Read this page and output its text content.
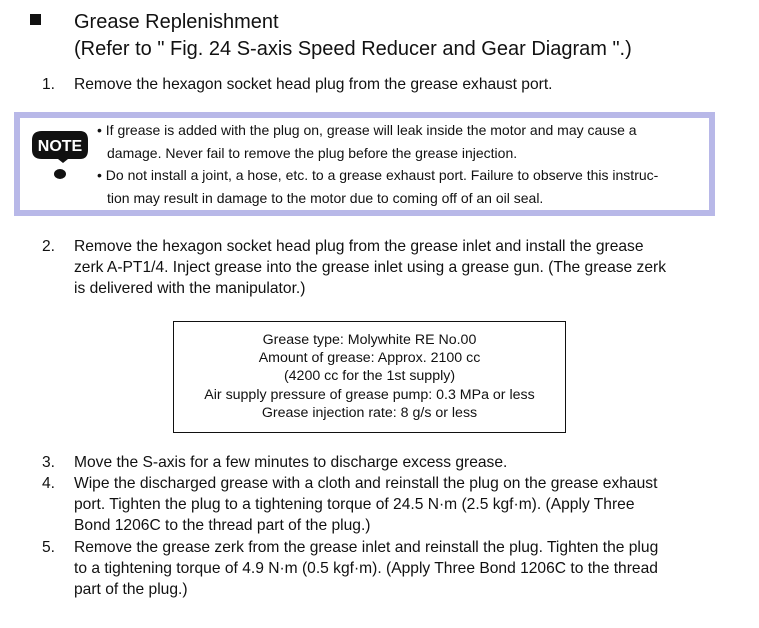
Grease Replenishment
(Refer to " Fig. 24 S-axis Speed Reducer and Gear Diagram ".)
1. Remove the hexagon socket head plug from the grease exhaust port.
NOTE
• If grease is added with the plug on, grease will leak inside the motor and may cause a
damage. Never fail to remove the plug before the grease injection.
• Do not install a joint, a hose, etc. to a grease exhaust port. Failure to observe this instruc-
tion may result in damage to the motor due to coming off of an oil seal.
2. Remove the hexagon socket head plug from the grease inlet and install the grease
zerk A-PT1/4. Inject grease into the grease inlet using a grease gun. (The grease zerk
is delivered with the manipulator.)
Grease type: Molywhite RE No.00
Amount of grease: Approx. 2100 cc
(4200 cc for the 1st supply)
Air supply pressure of grease pump: 0.3 MPa or less
Grease injection rate: 8 g/s or less
3. Move the S-axis for a few minutes to discharge excess grease.
4. Wipe the discharged grease with a cloth and reinstall the plug on the grease exhaust
port. Tighten the plug to a tightening torque of 24.5 N·m (2.5 kgf·m). (Apply Three
Bond 1206C to the thread part of the plug.)
5. Remove the grease zerk from the grease inlet and reinstall the plug. Tighten the plug
to a tightening torque of 4.9 N·m (0.5 kgf·m). (Apply Three Bond 1206C to the thread
part of the plug.)
